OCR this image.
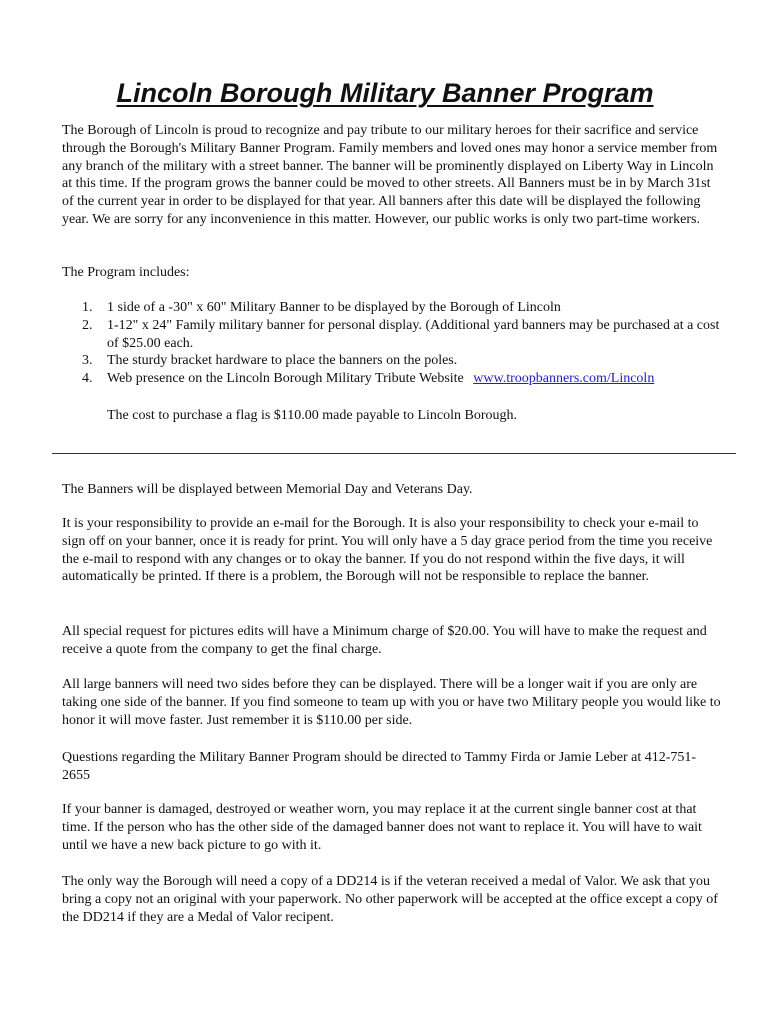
Lincoln Borough Military Banner Program

The Borough of Lincoln is proud to recognize and pay tribute to our military heroes for their sacrifice and service through the Borough's Military Banner Program. Family members and loved ones may honor a service member from any branch of the military with a street banner. The banner will be prominently displayed on Liberty Way in Lincoln at this time. If the program grows the banner could be moved to other streets. All Banners must be in by March 31st of the current year in order to be displayed for that year. All banners after this date will be displayed the following year. We are sorry for any inconvenience in this matter. However, our public works is only two part-time workers.

The Program includes:

1. 1 side of a -30" x 60" Military Banner to be displayed by the Borough of Lincoln
2. 1-12" x 24" Family military banner for personal display. (Additional yard banners may be purchased at a cost of $25.00 each.
3. The sturdy bracket hardware to place the banners on the poles.
4. Web presence on the Lincoln Borough Military Tribute Website www.troopbanners.com/Lincoln

The cost to purchase a flag is $110.00 made payable to Lincoln Borough.

The Banners will be displayed between Memorial Day and Veterans Day.

It is your responsibility to provide an e-mail for the Borough. It is also your responsibility to check your e-mail to sign off on your banner, once it is ready for print. You will only have a 5 day grace period from the time you receive the e-mail to respond with any changes or to okay the banner. If you do not respond within the five days, it will automatically be printed. If there is a problem, the Borough will not be responsible to replace the banner.

All special request for pictures edits will have a Minimum charge of $20.00. You will have to make the request and receive a quote from the company to get the final charge.

All large banners will need two sides before they can be displayed. There will be a longer wait if you are only are taking one side of the banner. If you find someone to team up with you or have two Military people you would like to honor it will move faster. Just remember it is $110.00 per side.

Questions regarding the Military Banner Program should be directed to Tammy Firda or Jamie Leber at 412-751-2655

If your banner is damaged, destroyed or weather worn, you may replace it at the current single banner cost at that time. If the person who has the other side of the damaged banner does not want to replace it. You will have to wait until we have a new back picture to go with it.

The only way the Borough will need a copy of a DD214 is if the veteran received a medal of Valor. We ask that you bring a copy not an original with your paperwork. No other paperwork will be accepted at the office except a copy of the DD214 if they are a Medal of Valor recipent.
